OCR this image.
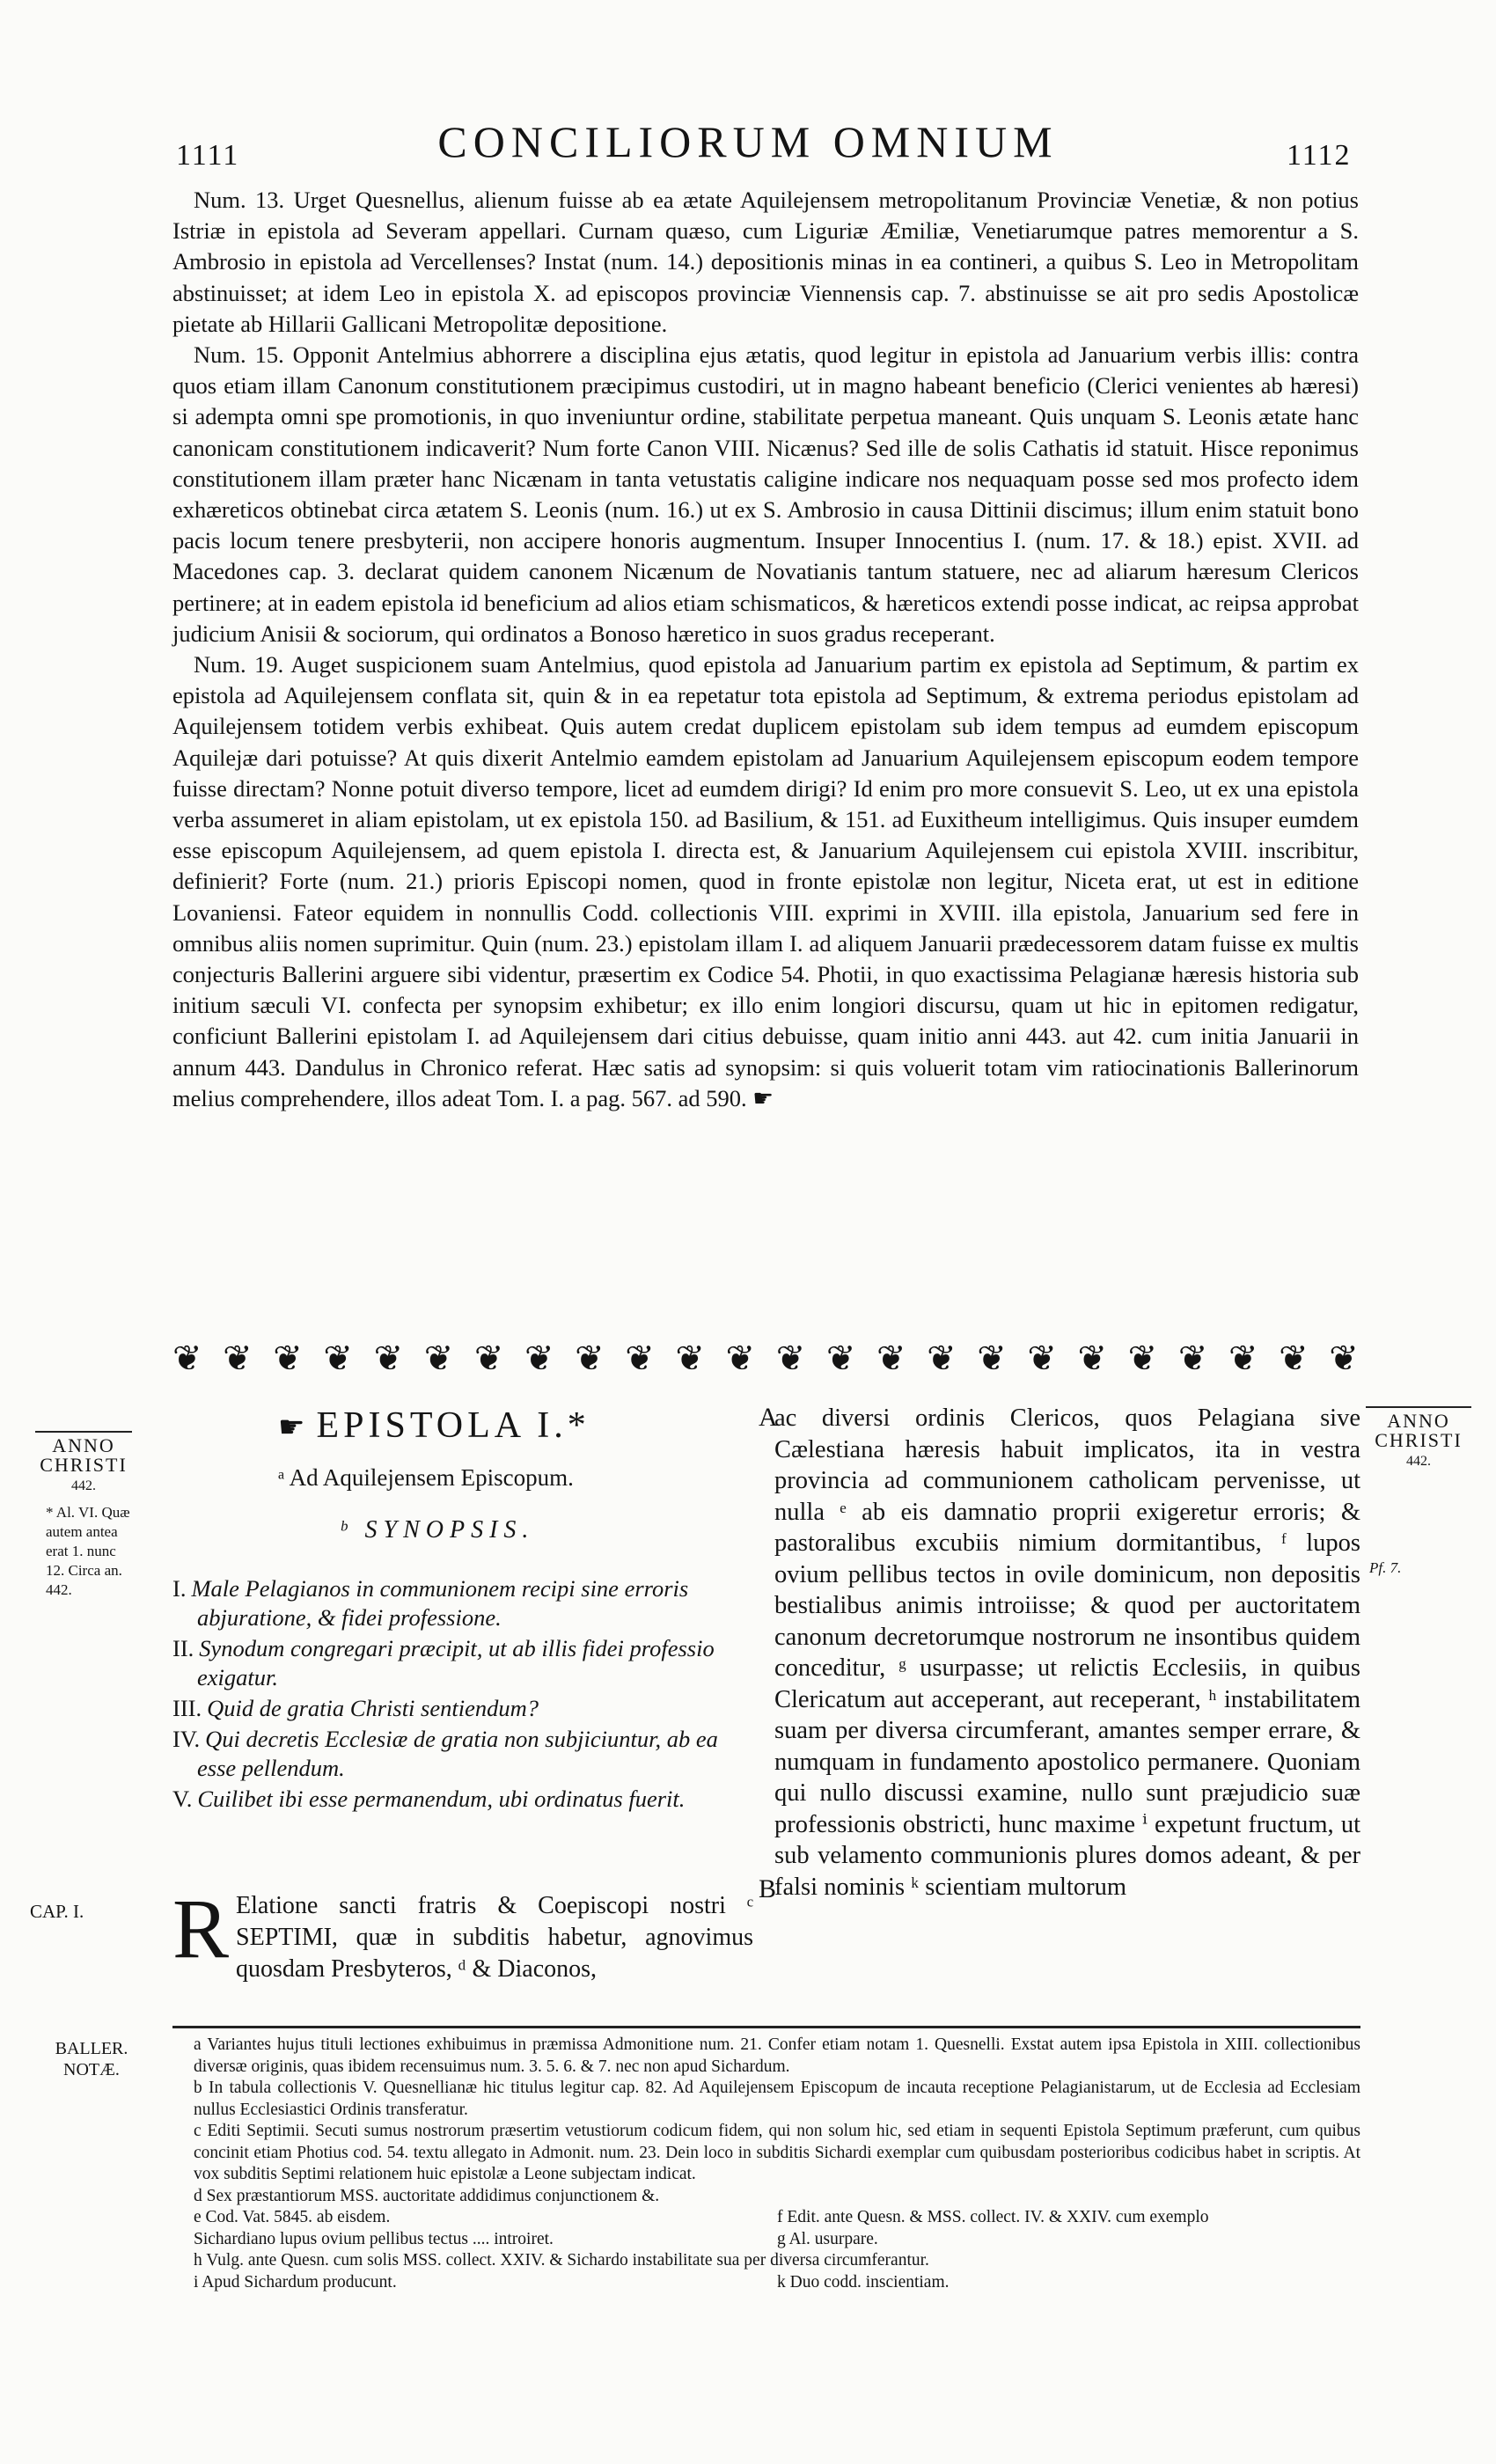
1111	CONCILIORUM OMNIUM	1112

Num. 13. Urget Quesnellus, alienum fuisse ab ea ætate Aquilejensem metropolitanum Provinciæ Venetiæ, & non potius Istriæ in epistola ad Severam appellari. Curnam quæso, cum Liguriæ Æmiliæ, Venetiarumque patres memorentur a S. Ambrosio in epistola ad Vercellenses? Instat (num. 14.) depositionis minas in ea contineri, a quibus S. Leo in Metropolitam abstinuisset; at idem Leo in epistola X. ad episcopos provinciæ Viennensis cap. 7. abstinuisse se ait pro sedis Apostolicæ pietate ab Hillarii Gallicani Metropolitæ depositione.

Num. 15. Opponit Antelmius abhorrere a disciplina ejus ætatis, quod legitur in epistola ad Januarium verbis illis: contra quos etiam illam Canonum constitutionem præcipimus custodiri, ut in magno habeant beneficio (Clerici venientes ab hæresi) si adempta omni spe promotionis, in quo inveniuntur ordine, stabilitate perpetua maneant. Quis unquam S. Leonis ætate hanc canonicam constitutionem indicaverit? Num forte Canon VIII. Nicænus? Sed ille de solis Cathatis id statuit. Hisce reponimus constitutionem illam præter hanc Nicænam in tanta vetustatis caligine indicare nos nequaquam posse sed mos profecto idem exhæreticos obtinebat circa ætatem S. Leonis (num. 16.) ut ex S. Ambrosio in causa Dittinii discimus; illum enim statuit bono pacis locum tenere presbyterii, non accipere honoris augmentum. Insuper Innocentius I. (num. 17. & 18.) epist. XVII. ad Macedones cap. 3. declarat quidem canonem Nicænum de Novatianis tantum statuere, nec ad aliarum hæresum Clericos pertinere; at in eadem epistola id beneficium ad alios etiam schismaticos, & hæreticos extendi posse indicat, ac reipsa approbat judicium Anisii & sociorum, qui ordinatos a Bonoso hæretico in suos gradus receperant.

Num. 19. Auget suspicionem suam Antelmius, quod epistola ad Januarium partim ex epistola ad Septimum, & partim ex epistola ad Aquilejensem conflata sit, quin & in ea repetatur tota epistola ad Septimum, & extrema periodus epistolam ad Aquilejensem totidem verbis exhibeat. Quis autem credat duplicem epistolam sub idem tempus ad eumdem episcopum Aquilejæ dari potuisse? At quis dixerit Antelmio eamdem epistolam ad Januarium Aquilejensem episcopum eodem tempore fuisse directam? Nonne potuit diverso tempore, licet ad eumdem dirigi? Id enim pro more consuevit S. Leo, ut ex una epistola verba assumeret in aliam epistolam, ut ex epistola 150. ad Basilium, & 151. ad Euxitheum intelligimus. Quis insuper eumdem esse episcopum Aquilejensem, ad quem epistola I. directa est, & Januarium Aquilejensem cui epistola XVIII. inscribitur, definierit? Forte (num. 21.) prioris Episcopi nomen, quod in fronte epistolæ non legitur, Niceta erat, ut est in editione Lovaniensi. Fateor equidem in nonnullis Codd. collectionis VIII. exprimi in XVIII. illa epistola, Januarium sed fere in omnibus aliis nomen suprimitur. Quin (num. 23.) epistolam illam I. ad aliquem Januarii prædecessorem datam fuisse ex multis conjecturis Ballerini arguere sibi videntur, præsertim ex Codice 54. Photii, in quo exactissima Pelagianæ hæresis historia sub initium sæculi VI. confecta per synopsim exhibetur; ex illo enim longiori discursu, quam ut hic in epitomen redigatur, conficiunt Ballerini epistolam I. ad Aquilejensem dari citius debuisse, quam initio anni 443. aut 42. cum initia Januarii in annum 443. Dandulus in Chronico referat. Hæc satis ad synopsim: si quis voluerit totam vim ratiocinationis Ballerinorum melius comprehendere, illos adeat Tom. I. a pag. 567. ad 590. ☛

❦ ❦ ❦ ❦ ❦ ❦ ❦ ❦ ❦ ❦ ❦ ❦ ❦ ❦ ❦ ❦ ❦ ❦ ❦ ❦ ❦ ❦ ❦ ❦
ANNO CHRISTI
442.
* Al. VI. Quæ autem antea erat 1. nunc 12. Circa an. 442.
ANNO CHRISTI
442.
Pf. 7.
CAP. I.
☛ EPISTOLA I.*
ᵃ Ad Aquilejensem Episcopum.
ᵇ SYNOPSIS.
I. Male Pelagianos in communionem recipi sine erroris abjuratione, & fidei professione.
II. Synodum congregari præcipit, ut ab illis fidei professio exigatur.
III. Quid de gratia Christi sentiendum?
IV. Qui decretis Ecclesiæ de gratia non subjiciuntur, ab ea esse pellendum.
V. Cuilibet ibi esse permanendum, ubi ordinatus fuerit.
R Elatione sancti fratris & Coepiscopi nostri ᶜ SEPTIMI, quæ in subditis habetur, agnovimus quosdam Presbyteros, ᵈ & Diaconos,
A
B
ac diversi ordinis Clericos, quos Pelagiana sive Cælestiana hæresis habuit implicatos, ita in vestra provincia ad communionem catholicam pervenisse, ut nulla ᵉ ab eis damnatio proprii exigeretur erroris; & pastoralibus excubiis nimium dormitantibus, ᶠ lupos ovium pellibus tectos in ovile dominicum, non depositis bestialibus animis introiisse; & quod per auctoritatem canonum decretorumque nostrorum ne insontibus quidem conceditur, ᵍ usurpasse; ut relictis Ecclesiis, in quibus Clericatum aut acceperant, aut receperant, ʰ instabilitatem suam per diversa circumferant, amantes semper errare, & numquam in fundamento apostolico permanere. Quoniam qui nullo discussi examine, nullo sunt præjudicio suæ professionis obstricti, hunc maxime ⁱ expetunt fructum, ut sub velamento communionis plures domos adeant, & per falsi nominis ᵏ scientiam multorum
BALLER. NOTÆ.

a Variantes hujus tituli lectiones exhibuimus in præmissa Admonitione num. 21. Confer etiam notam 1. Quesnelli. Exstat autem ipsa Epistola in XIII. collectionibus diversæ originis, quas ibidem recensuimus num. 3. 5. 6. & 7. nec non apud Sichardum.

b In tabula collectionis V. Quesnellianæ hic titulus legitur cap. 82. Ad Aquilejensem Episcopum de incauta receptione Pelagianistarum, ut de Ecclesia ad Ecclesiam nullus Ecclesiastici Ordinis transferatur.

c Editi Septimii. Secuti sumus nostrorum præsertim vetustiorum codicum fidem, qui non solum hic, sed etiam in sequenti Epistola Septimum præferunt, cum quibus concinit etiam Photius cod. 54. textu allegato in Admonit. num. 23. Dein loco in subditis Sichardi exemplar cum quibusdam posterioribus codicibus habet in scriptis. At vox subditis Septimi relationem huic epistolæ a Leone subjectam indicat.

d Sex præstantiorum MSS. auctoritate addidimus conjunctionem &.

e Cod. Vat. 5845. ab eisdem.	f Edit. ante Quesn. & MSS. collect. IV. & XXIV. cum exemplo
Sichardiano lupus ovium pellibus tectus .... introiret.	g Al. usurpare.

h Vulg. ante Quesn. cum solis MSS. collect. XXIV. & Sichardo instabilitate sua per diversa circumferantur.

i Apud Sichardum producunt.	k Duo codd. inscientiam.
